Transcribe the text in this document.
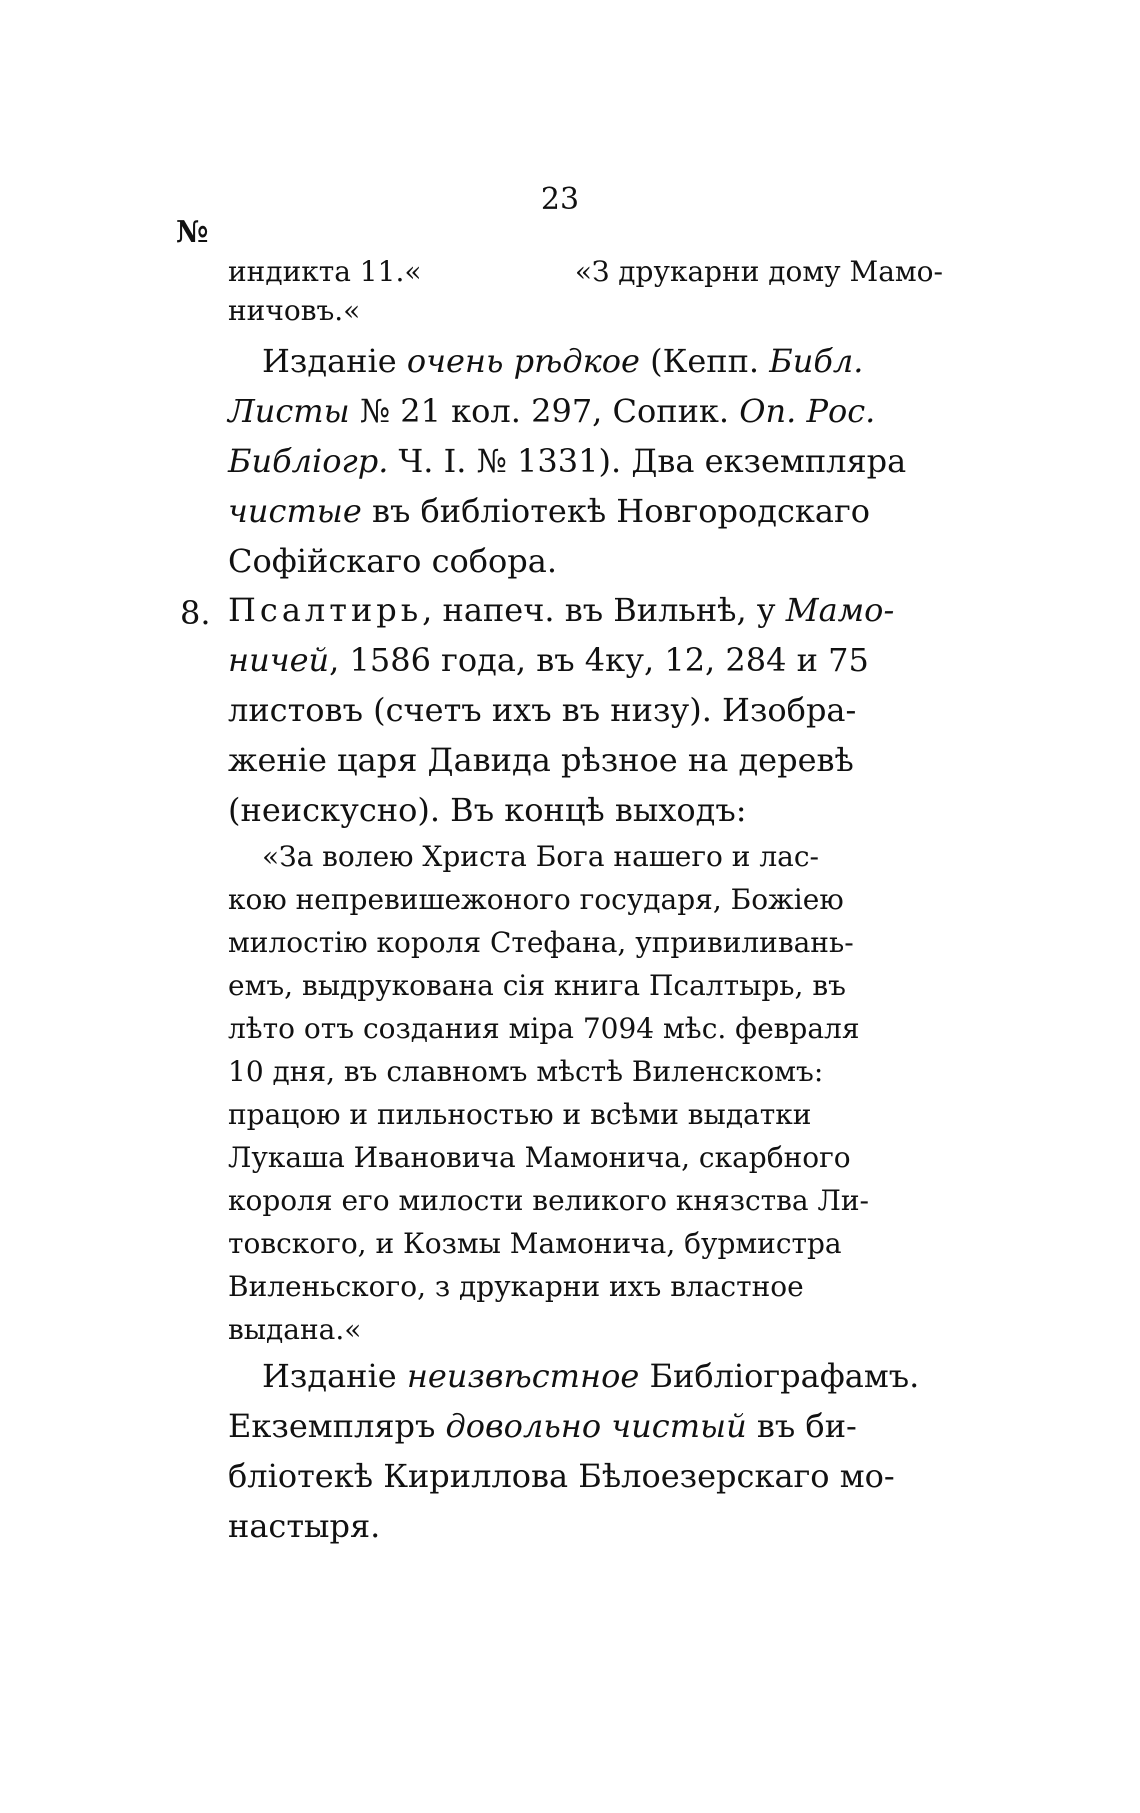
23
№
индикта 11.«	«З друкарни дому Мамо-
ничовъ.«
Изданіе очень рѣдкое (Кепп. Библ.
Листы № 21 кол. 297, Сопик. Оп. Рос.
Библіогр. Ч. I. № 1331). Два екземпляра
чистые въ библіотекѣ Новгородскаго
Софійскаго собора.
8. Псалтирь, напеч. въ Вильнѣ, у Мамо-
ничей, 1586 года, въ 4ку, 12, 284 и 75
листовъ (счетъ ихъ въ низу). Изобра-
женіе царя Давида рѣзное на деревѣ
(неискусно). Въ концѣ выходъ:
«За волею Христа Бога нашего и лас-
кою непревишежоного государя, Божіею
милостію короля Стефана, упривиливань-
емъ, выдрукована сія книга Псалтырь, въ
лѣто отъ создания міра 7094 мѣс. февраля
10 дня, въ славномъ мѣстѣ Виленскомъ:
працою и пильностью и всѣми выдатки
Лукаша Ивановича Мамонича, скарбного
короля его милости великого князства Ли-
товского, и Козмы Мамонича, бурмистра
Виленьского, з друкарни ихъ властное
выдана.«
Изданіе неизвѣстное Библіографамъ.
Екземпляръ довольно чистый въ би-
бліотекѣ Кириллова Бѣлоезерскаго мо-
настыря.
